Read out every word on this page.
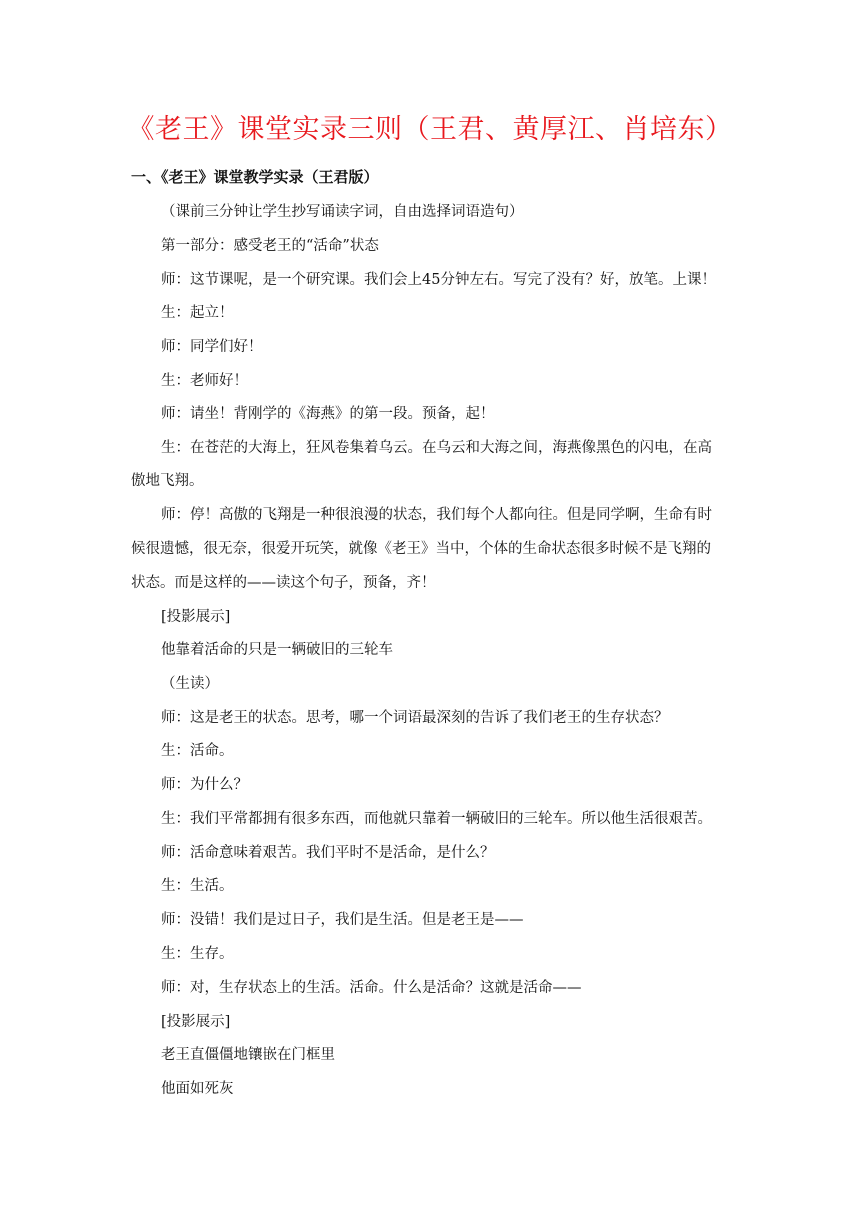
《老王》课堂实录三则（王君、黄厚江、肖培东）
一、《老王》课堂教学实录（王君版）
（课前三分钟让学生抄写诵读字词，自由选择词语造句）
第一部分：感受老王的“活命”状态
师：这节课呢，是一个研究课。我们会上45分钟左右。写完了没有？好，放笔。上课！
生：起立！
师：同学们好！
生：老师好！
师：请坐！背刚学的《海燕》的第一段。预备，起！
生：在苍茫的大海上，狂风卷集着乌云。在乌云和大海之间，海燕像黑色的闪电，在高
傲地飞翔。
师：停！高傲的飞翔是一种很浪漫的状态，我们每个人都向往。但是同学啊，生命有时
候很遗憾，很无奈，很爱开玩笑，就像《老王》当中，个体的生命状态很多时候不是飞翔的
状态。而是这样的——读这个句子，预备，齐！
[投影展示]
他靠着活命的只是一辆破旧的三轮车
（生读）
师：这是老王的状态。思考，哪一个词语最深刻的告诉了我们老王的生存状态？
生：活命。
师：为什么？
生：我们平常都拥有很多东西，而他就只靠着一辆破旧的三轮车。所以他生活很艰苦。
师：活命意味着艰苦。我们平时不是活命，是什么？
生：生活。
师：没错！我们是过日子，我们是生活。但是老王是——
生：生存。
师：对，生存状态上的生活。活命。什么是活命？这就是活命——
[投影展示]
老王直僵僵地镶嵌在门框里
他面如死灰
